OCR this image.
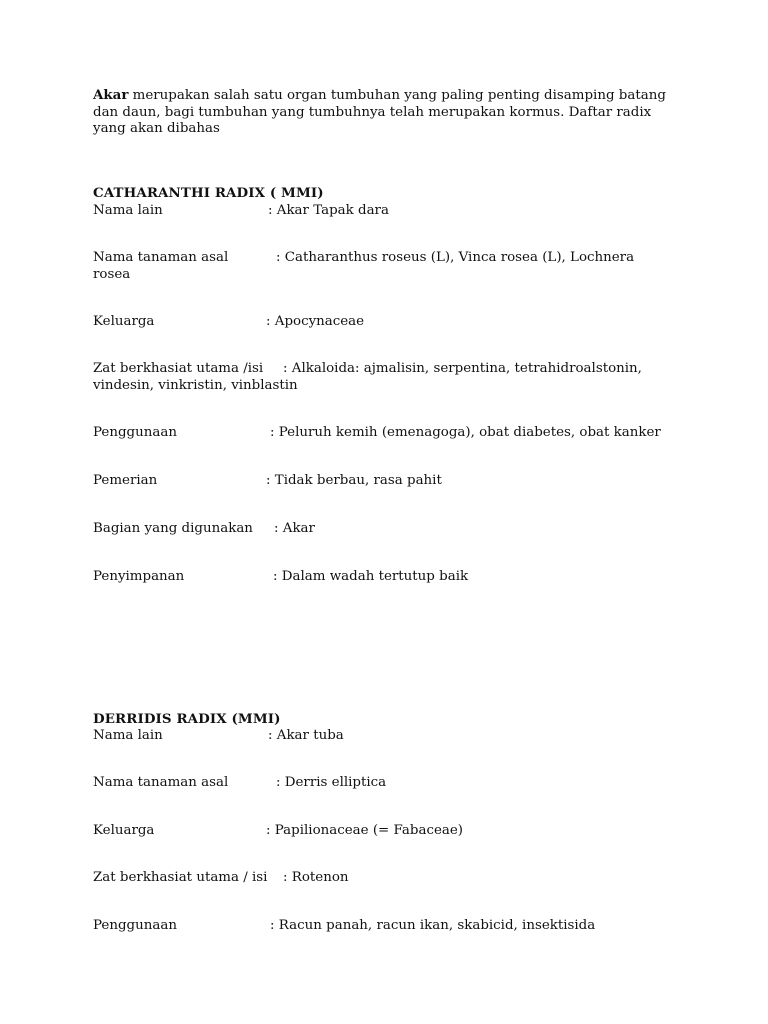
Akar merupakan salah satu organ tumbuhan yang paling penting disamping batang dan daun, bagi tumbuhan yang tumbuhnya telah merupakan kormus. Daftar radix yang akan dibahas
CATHARANTHI RADIX ( MMI)
Nama lain	: Akar Tapak dara
Nama tanaman asal	: Catharanthus roseus (L), Vinca rosea (L), Lochnera rosea
Keluarga	: Apocynaceae
Zat berkhasiat utama /isi : Alkaloida: ajmalisin, serpentina, tetrahidroalstonin, vindesin, vinkristin, vinblastin
Penggunaan	: Peluruh kemih (emenagoga), obat diabetes, obat kanker
Pemerian	: Tidak berbau, rasa pahit
Bagian yang digunakan : Akar
Penyimpanan	: Dalam wadah tertutup baik
DERRIDIS RADIX (MMI)
Nama lain	: Akar tuba
Nama tanaman asal	: Derris elliptica
Keluarga	: Papilionaceae (= Fabaceae)
Zat berkhasiat utama / isi : Rotenon
Penggunaan	: Racun panah, racun ikan, skabicid, insektisida
